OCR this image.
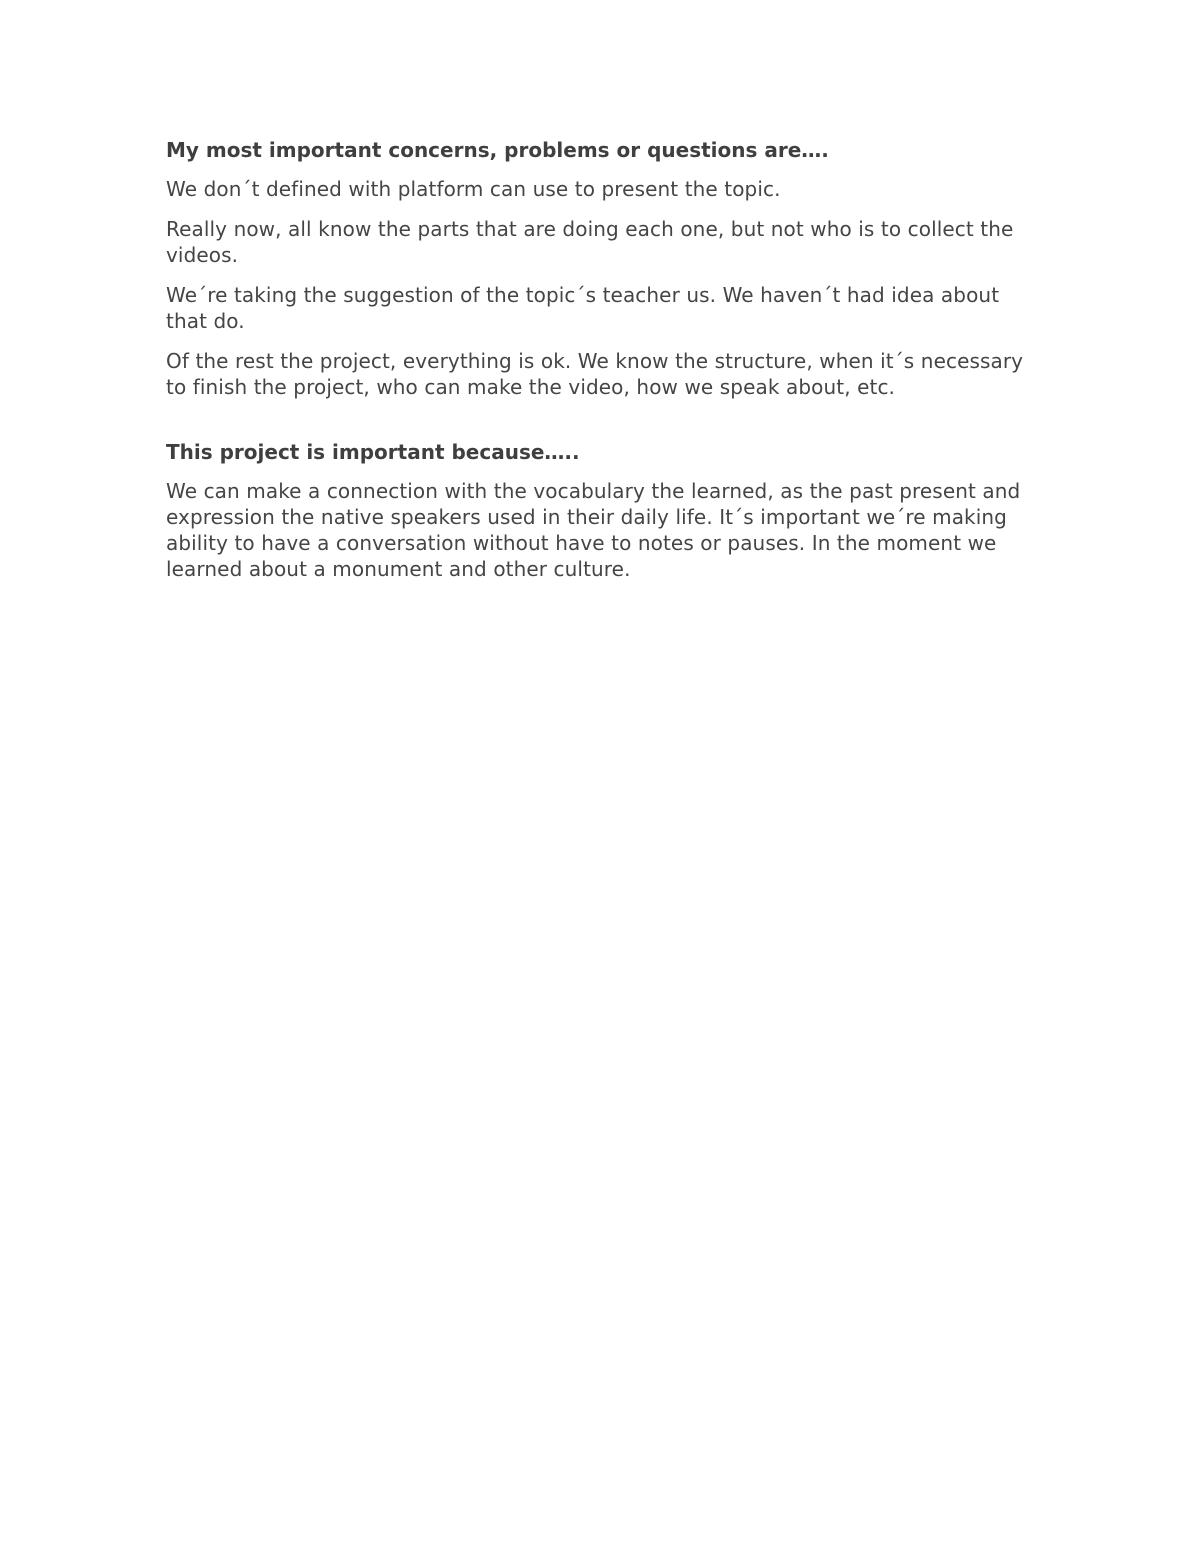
My most important concerns, problems or questions are….

We don´t defined with platform can use to present the topic.

Really now, all know the parts that are doing each one, but not who is to collect the videos.

We´re taking the suggestion of the topic´s teacher us. We haven´t had idea about that do.

Of the rest the project, everything is ok. We know the structure, when it´s necessary to finish the project, who can make the video, how we speak about, etc.

This project is important because…..

We can make a connection with the vocabulary the learned, as the past present and expression the native speakers used in their daily life. It´s important we´re making ability to have a conversation without have to notes or pauses. In the moment we learned about a monument and other culture.
